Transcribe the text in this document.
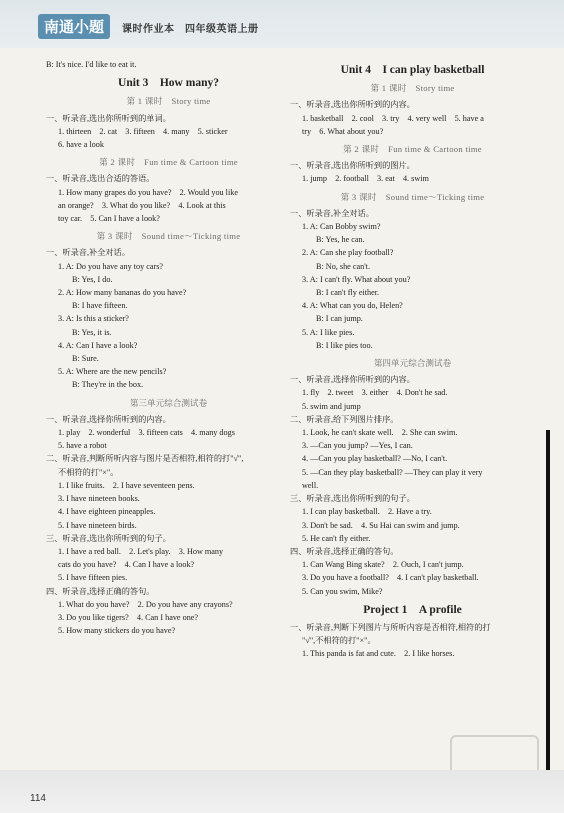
南通小题	课时作业本　四年级英语上册
B: It's nice. I'd like to eat it.
Unit 3　How many?
第 1 课时　Story time
一、听录音,选出你所听到的单词。
1. thirteen　2. cat　3. fifteen　4. many　5. sticker
6. have a look
第 2 课时　Fun time & Cartoon time
一、听录音,选出合适的答语。
1. How many grapes do you have?　2. Would you like
an orange?　3. What do you like?　4. Look at this
toy car.　5. Can I have a look?
第 3 课时　Sound time～Ticking time
一、听录音,补全对话。
1. A: Do you have any toy cars?
B: Yes, I do.
2. A: How many bananas do you have?
B: I have fifteen.
3. A: Is this a sticker?
B: Yes, it is.
4. A: Can I have a look?
B: Sure.
5. A: Where are the new pencils?
B: They're in the box.
第三单元综合测试卷
一、听录音,选择你所听到的内容。
1. play　2. wonderful　3. fifteen cats　4. many dogs
5. have a robot
二、听录音,判断所听内容与图片是否相符,相符的打"√",
不相符的打"×"。
1. I like fruits.　2. I have seventeen pens.
3. I have nineteen books.
4. I have eighteen pineapples.
5. I have nineteen birds.
三、听录音,选出你所听到的句子。
1. I have a red ball.　2. Let's play.　3. How many
cats do you have?　4. Can I have a look?
5. I have fifteen pies.
四、听录音,选择正确的答句。
1. What do you have?　2. Do you have any crayons?
3. Do you like tigers?　4. Can I have one?
5. How many stickers do you have?
Unit 4　I can play basketball
第 1 课时　Story time
一、听录音,选出你所听到的内容。
1. basketball　2. cool　3. try　4. very well　5. have a
try　6. What about you?
第 2 课时　Fun time & Cartoon time
一、听录音,选出你所听到的图片。
1. jump　2. football　3. eat　4. swim
第 3 课时　Sound time～Ticking time
一、听录音,补全对话。
1. A: Can Bobby swim?
B: Yes, he can.
2. A: Can she play football?
B: No, she can't.
3. A: I can't fly. What about you?
B: I can't fly either.
4. A: What can you do, Helen?
B: I can jump.
5. A: I like pies.
B: I like pies too.
第四单元综合测试卷
一、听录音,选择你所听到的内容。
1. fly　2. tweet　3. either　4. Don't he sad.
5. swim and jump
二、听录音,给下列图片排序。
1. Look, he can't skate well.　2. She can swim.
3. —Can you jump? —Yes, I can.
4. —Can you play basketball? —No, I can't.
5. —Can they play basketball? —They can play it very
well.
三、听录音,选出你所听到的句子。
1. I can play basketball.　2. Have a try.
3. Don't be sad.　4. Su Hai can swim and jump.
5. He can't fly either.
四、听录音,选择正确的答句。
1. Can Wang Bing skate?　2. Ouch, I can't jump.
3. Do you have a football?　4. I can't play basketball.
5. Can you swim, Mike?
Project 1　A profile
一、听录音,判断下列图片与所听内容是否相符,相符的打
"√",不相符的打"×"。
1. This panda is fat and cute.　2. I like horses.
114
